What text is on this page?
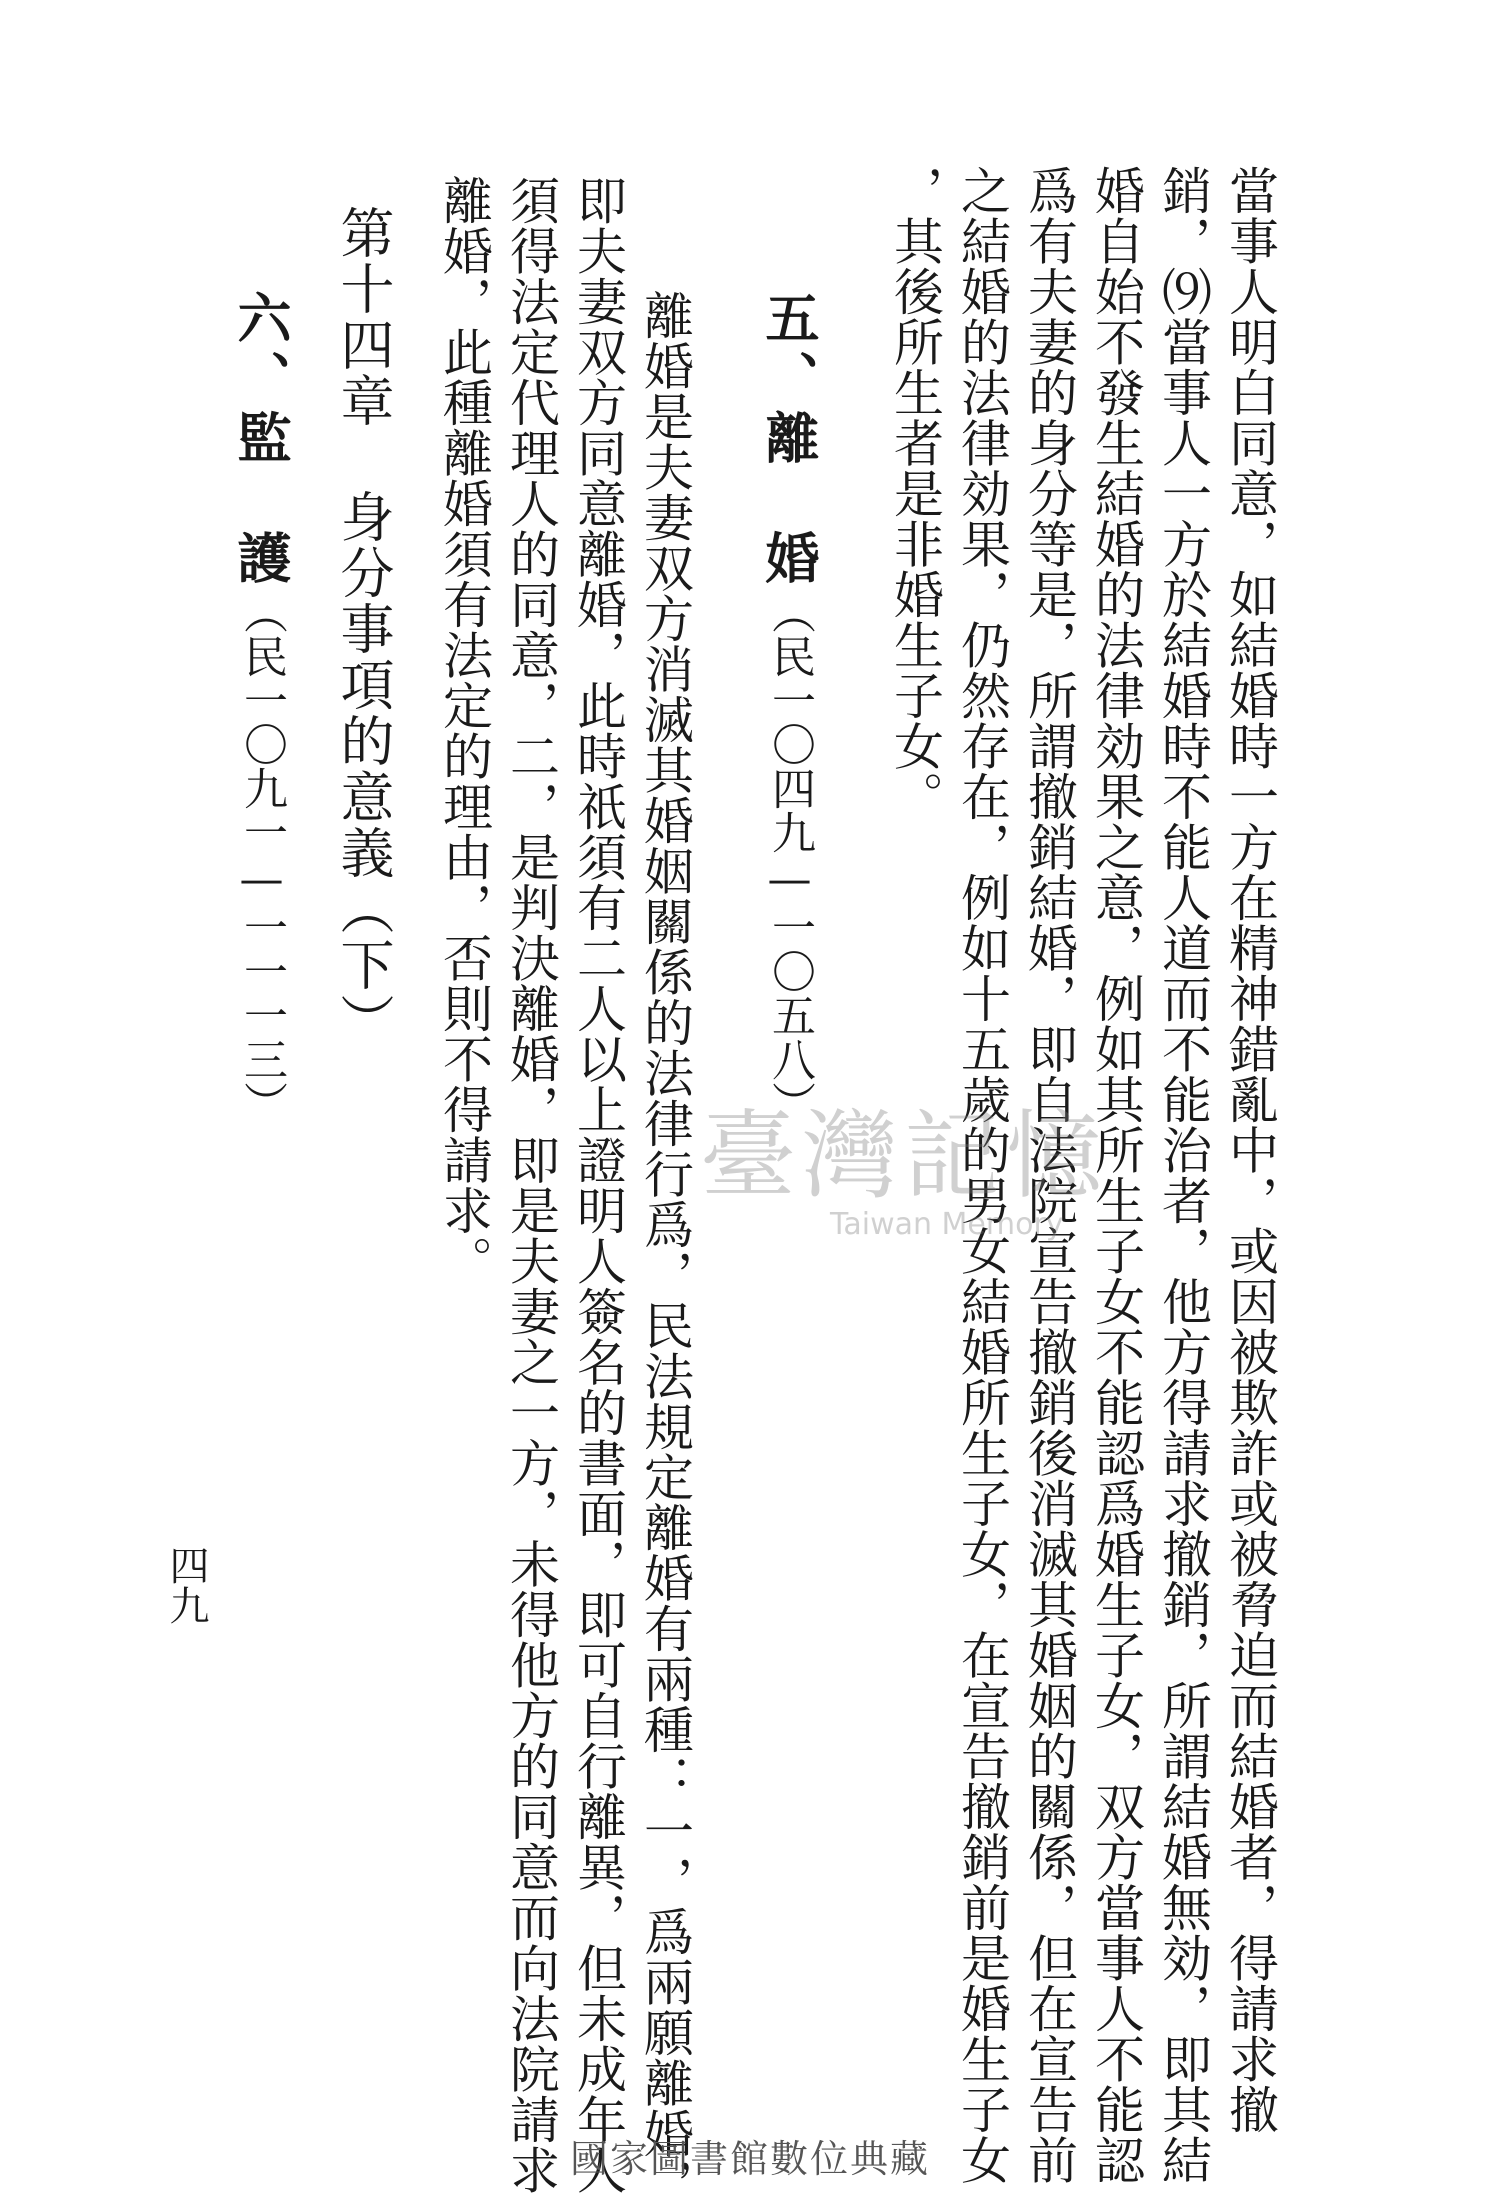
當事人明白同意，如結婚時一方在精神錯亂中，或因被欺詐或被脅迫而結婚者，得請求撤
銷，⑼當事人一方於結婚時不能人道而不能治者，他方得請求撤銷，所謂結婚無効，即其結
婚自始不發生結婚的法律効果之意，例如其所生子女不能認爲婚生子女，双方當事人不能認
爲有夫妻的身分等是，所謂撤銷結婚，即自法院宣告撤銷後消滅其婚姻的關係，但在宣告前
之結婚的法律効果，仍然存在，例如十五歲的男女結婚所生子女，在宣告撤銷前是婚生子女
，其後所生者是非婚生子女。
五、離　婚（民一〇四九—一〇五八）
離婚是夫妻双方消滅其婚姻關係的法律行爲，民法規定離婚有兩種：一，爲兩願離婚，
即夫妻双方同意離婚，此時祇須有二人以上證明人簽名的書面，即可自行離異，但未成年人
須得法定代理人的同意，二，是判決離婚，即是夫妻之一方，未得他方的同意而向法院請求
離婚，此種離婚須有法定的理由，否則不得請求。
第十四章身分事項的意義（下）
六、監　護（民一〇九一—一一一三）
四九
臺灣記憶
Taiwan Memory
國家圖書館數位典藏
